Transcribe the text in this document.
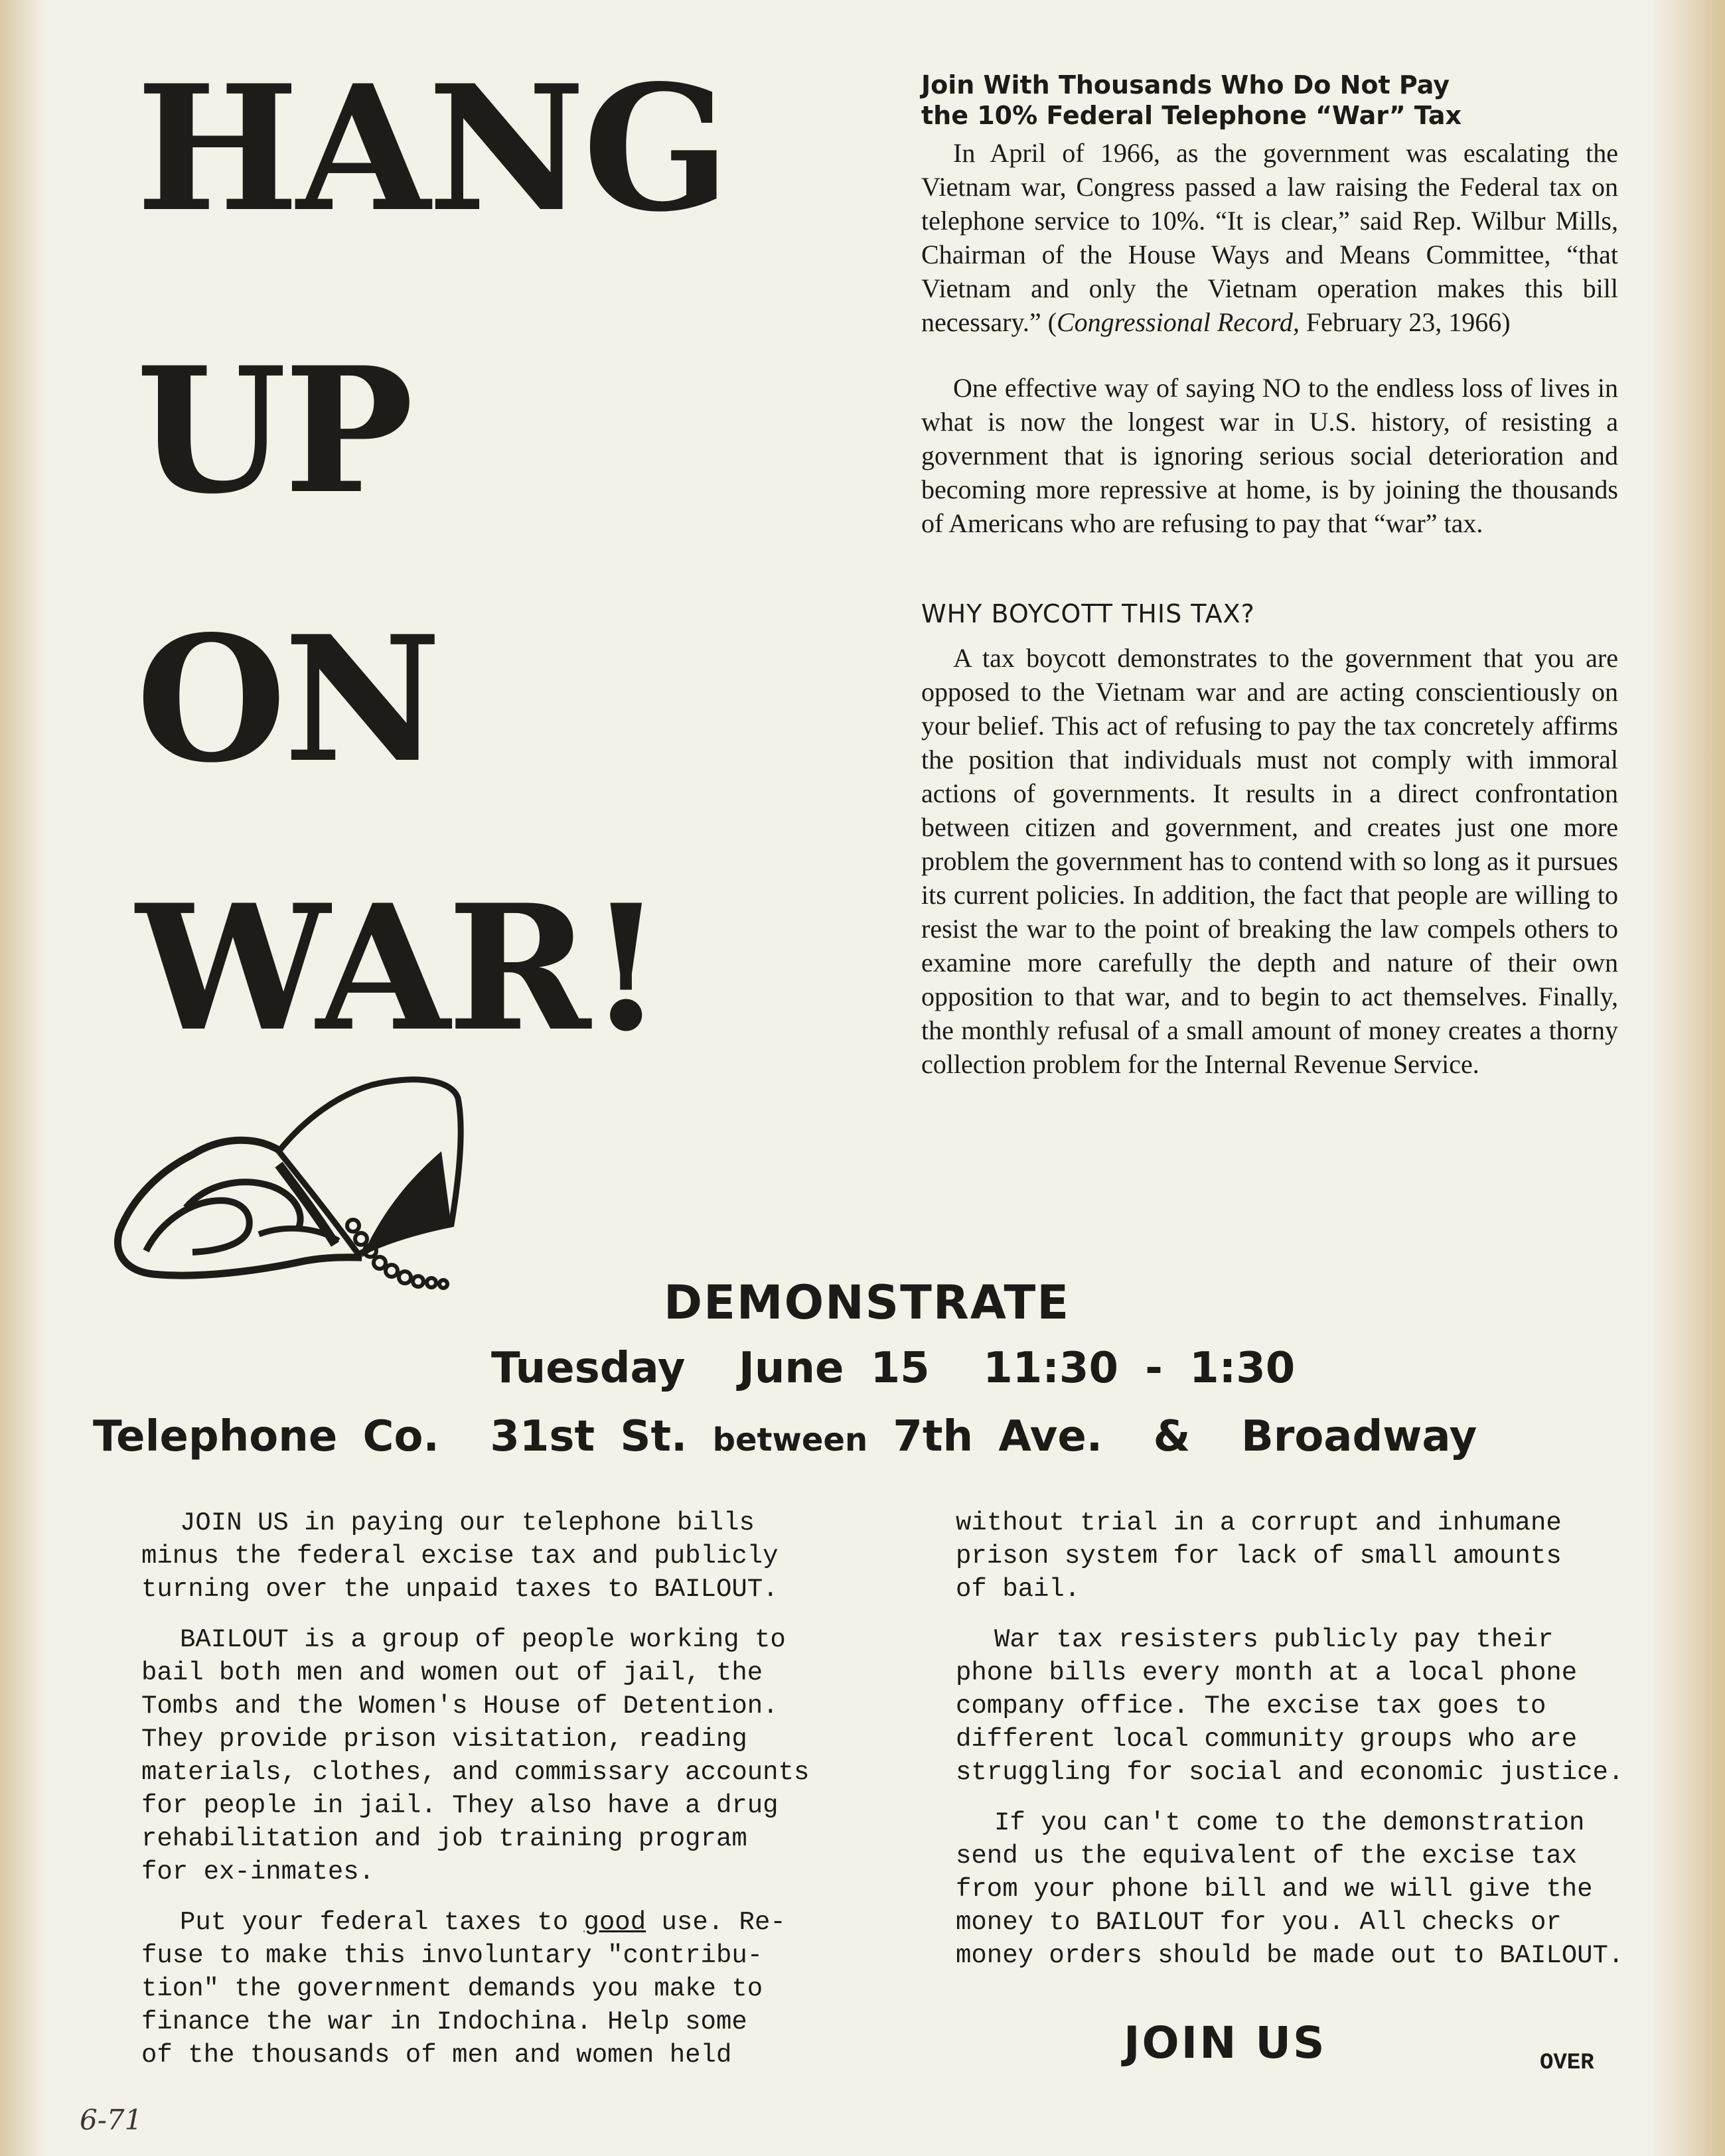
HANG
UP
ON
WAR!

Join With Thousands Who Do Not Pay

the 10% Federal Telephone “War” Tax

In April of 1966, as the government was escalating the Vietnam war, Congress passed a law raising the Federal tax on telephone service to 10%. “It is clear,” said Rep. Wilbur Mills, Chairman of the House Ways and Means Committee, “that Vietnam and only the Vietnam operation makes this bill necessary.” (Congressional Record, February 23, 1966)

One effective way of saying NO to the endless loss of lives in what is now the longest war in U.S. history, of resisting a government that is ignoring serious social deterioration and becoming more repressive at home, is by joining the thousands of Americans who are refusing to pay that “war” tax.

WHY BOYCOTT THIS TAX?

A tax boycott demonstrates to the government that you are opposed to the Vietnam war and are acting conscientiously on your belief. This act of refusing to pay the tax concretely affirms the position that individuals must not comply with immoral actions of governments. It results in a direct confrontation between citizen and government, and creates just one more problem the government has to contend with so long as it pursues its current policies. In addition, the fact that people are willing to resist the war to the point of breaking the law compels others to examine more carefully the depth and nature of their own opposition to that war, and to begin to act themselves. Finally, the monthly refusal of a small amount of money creates a thorny collection problem for the Internal Revenue Service.

DEMONSTRATE

Tuesday June 15 11:30 - 1:30

Telephone Co. 31st St. between 7th Ave. & Broadway

JOIN US in paying our telephone bills
minus the federal excise tax and publicly
turning over the unpaid taxes to BAILOUT.

BAILOUT is a group of people working to
bail both men and women out of jail, the
Tombs and the Women's House of Detention.
They provide prison visitation, reading
materials, clothes, and commissary accounts
for people in jail. They also have a drug
rehabilitation and job training program
for ex-inmates.

Put your federal taxes to good use. Re-
fuse to make this involuntary "contribu-
tion" the government demands you make to
finance the war in Indochina. Help some
of the thousands of men and women held

without trial in a corrupt and inhumane
prison system for lack of small amounts
of bail.

War tax resisters publicly pay their
phone bills every month at a local phone
company office. The excise tax goes to
different local community groups who are
struggling for social and economic justice.

If you can't come to the demonstration
send us the equivalent of the excise tax
from your phone bill and we will give the
money to BAILOUT for you. All checks or
money orders should be made out to BAILOUT.

JOIN US	OVER

6-71
